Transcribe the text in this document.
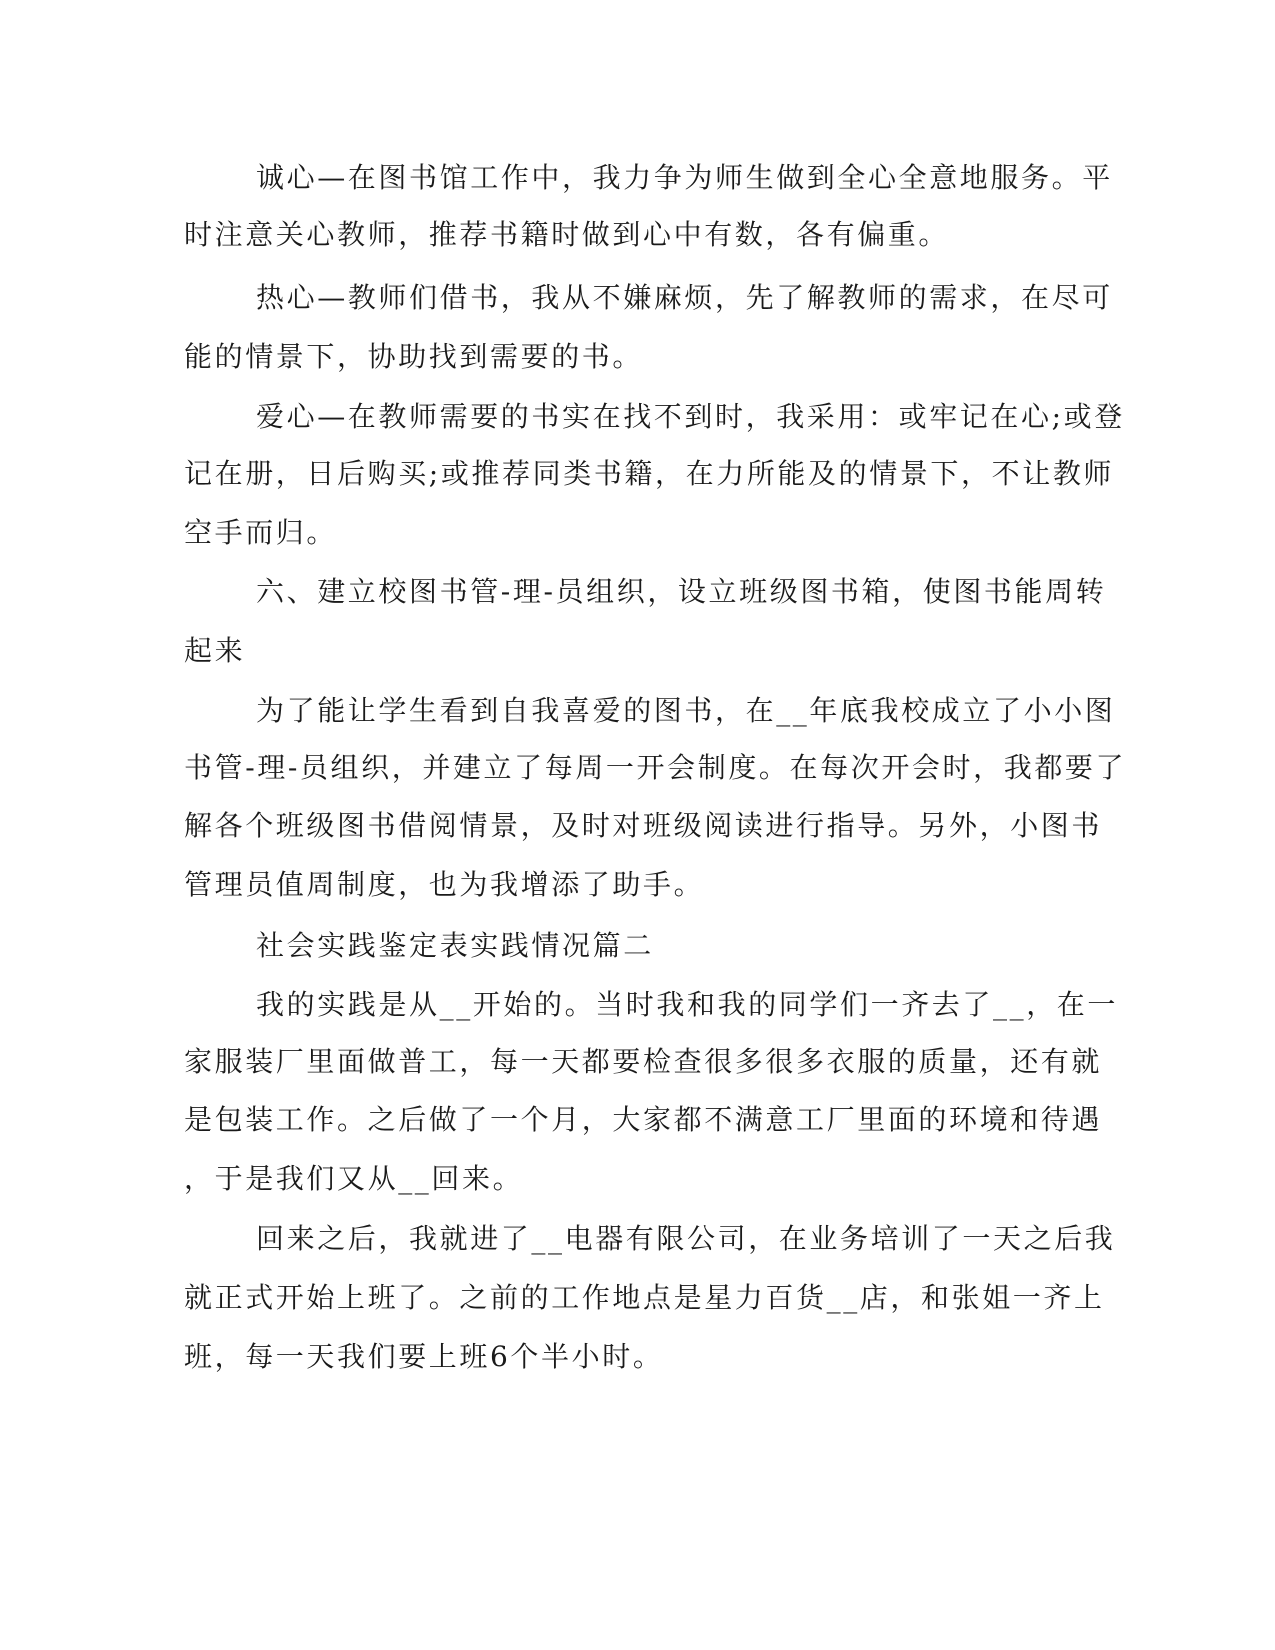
诚心—在图书馆工作中，我力争为师生做到全心全意地服务。平
时注意关心教师，推荐书籍时做到心中有数，各有偏重。
热心—教师们借书，我从不嫌麻烦，先了解教师的需求，在尽可
能的情景下，协助找到需要的书。
爱心—在教师需要的书实在找不到时，我采用：或牢记在心;或登
记在册，日后购买;或推荐同类书籍，在力所能及的情景下，不让教师
空手而归。
六、建立校图书管-理-员组织，设立班级图书箱，使图书能周转
起来
为了能让学生看到自我喜爱的图书，在__年底我校成立了小小图
书管-理-员组织，并建立了每周一开会制度。在每次开会时，我都要了
解各个班级图书借阅情景，及时对班级阅读进行指导。另外，小图书
管理员值周制度，也为我增添了助手。
社会实践鉴定表实践情况篇二
我的实践是从__开始的。当时我和我的同学们一齐去了__，在一
家服装厂里面做普工，每一天都要检查很多很多衣服的质量，还有就
是包装工作。之后做了一个月，大家都不满意工厂里面的环境和待遇
，于是我们又从__回来。
回来之后，我就进了__电器有限公司，在业务培训了一天之后我
就正式开始上班了。之前的工作地点是星力百货__店，和张姐一齐上
班，每一天我们要上班6个半小时。
